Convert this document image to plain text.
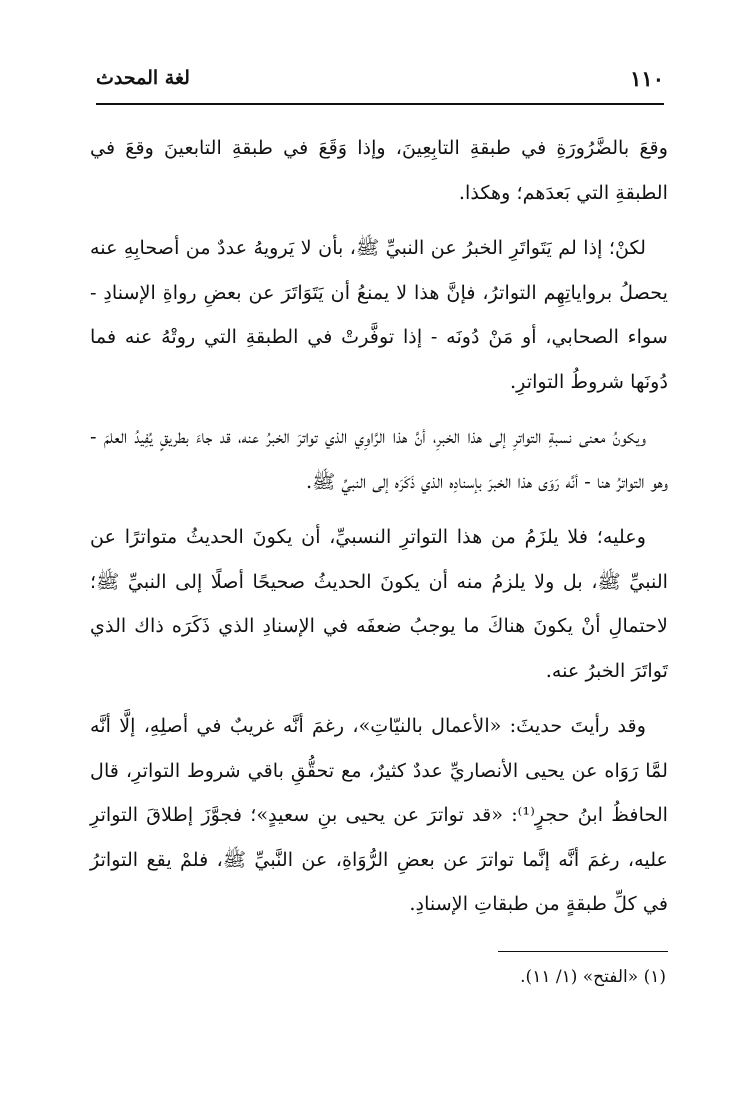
١١٠
لغة المحدث

وقعَ بالضَّرُورَةِ في طبقةِ التابِعِينَ، وإذا وَقَعَ في طبقةِ التابعينَ وقعَ في الطبقةِ التي بَعدَهم؛ وهكذا.

لكنْ؛ إذا لم يَتَواتَرِ الخبرُ عن النبيِّ ﷺ، بأن لا يَرويهُ عددٌ من أصحابِهِ عنه يحصلُ برواياتِهِم التواترُ، فإنَّ هذا لا يمنعُ أن يَتَوَاتَرَ عن بعضِ رواةِ الإسنادِ - سواء الصحابي، أو مَنْ دُونَه - إذا توفَّرتْ في الطبقةِ التي روتْهُ عنه فما دُونَها شروطُ التواترِ.

ويكونُ معنى نسبةِ التواترِ إلى هذا الخبرِ، أنَّ هذا الرَّاوِي الذي تواترَ الخبرُ عنه، قد جاءَ بطريقٍ يُفِيدُ العلمَ - وهو التواترُ هنا - أنَّه رَوَى هذا الخبرَ بإسنادِه الذي ذَكَرَه إلى النبيِّ ﷺ.

وعليه؛ فلا يلزَمُ من هذا التواترِ النسبيِّ، أن يكونَ الحديثُ متواترًا عن النبيِّ ﷺ، بل ولا يلزمُ منه أن يكونَ الحديثُ صحيحًا أصلًا إلى النبيِّ ﷺ؛ لاحتمالِ أنْ يكونَ هناكَ ما يوجبُ ضعفَه في الإسنادِ الذي ذَكَرَه ذاك الذي تَواتَرَ الخبرُ عنه.

وقد رأيتَ حديثَ: «الأعمال بالنيّاتِ»، رغمَ أنَّه غريبٌ في أصلِهِ، إلَّا أنَّه لمَّا رَوَاه عن يحيى الأنصاريِّ عددٌ كثيرٌ، مع تحقُّقِ باقي شروط التواترِ، قال الحافظُ ابنُ حجرٍ⁽¹⁾: «قد تواترَ عن يحيى بنِ سعيدٍ»؛ فجوَّزَ إطلاقَ التواترِ عليه، رغمَ أنَّه إنَّما تواترَ عن بعضِ الرُّوَاةِ، عن النَّبيِّ ﷺ، فلمْ يقع التواترُ في كلِّ طبقةٍ من طبقاتِ الإسنادِ.

(١) «الفتح» (١/ ١١).
